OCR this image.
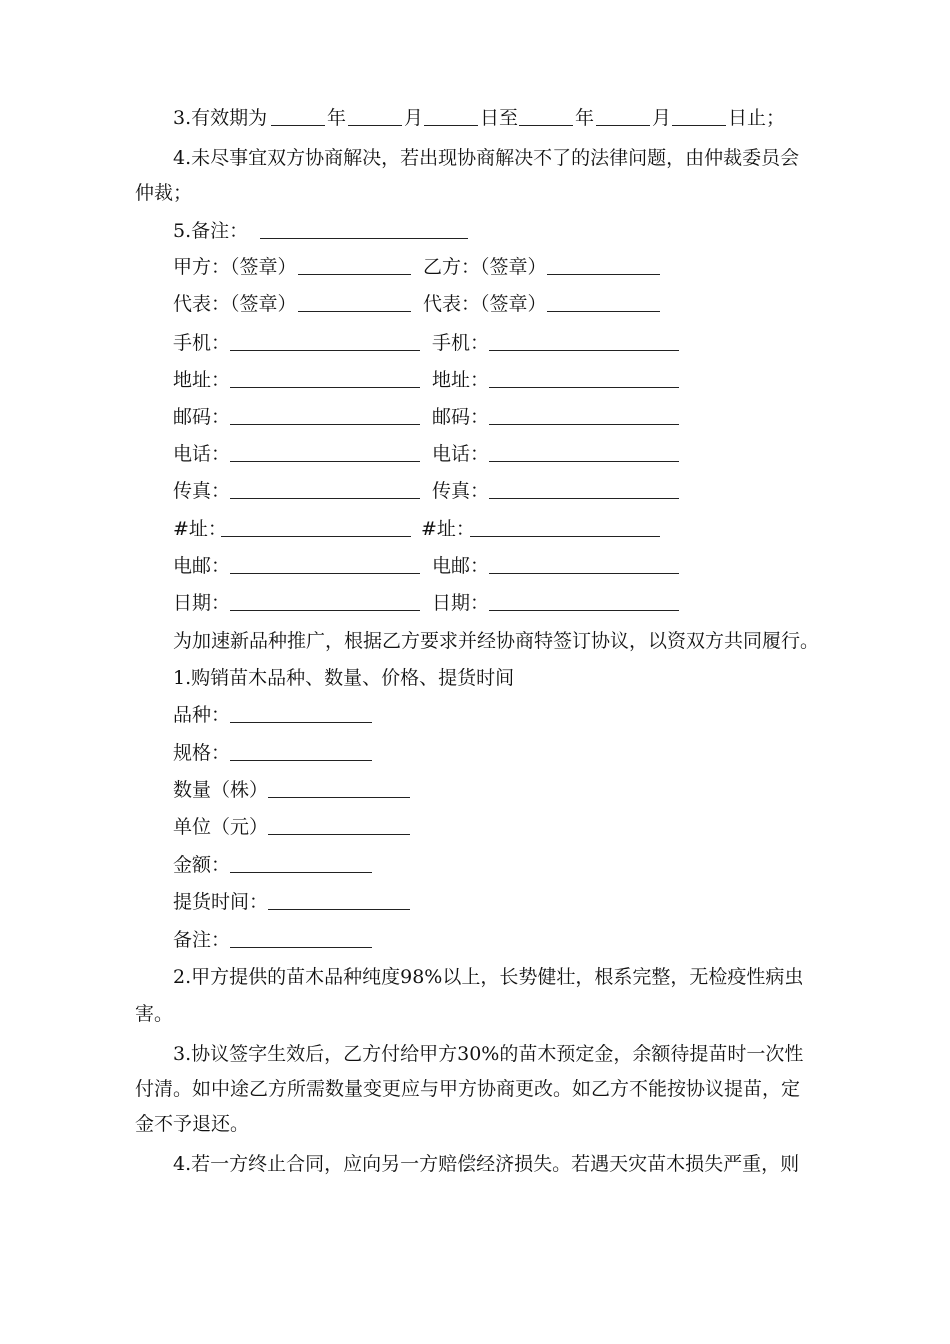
3.有效期为	年	月	日至	年	月	日止；
4.未尽事宜双方协商解决，若出现协商解决不了的法律问题，由仲裁委员会
仲裁；
5.备注：
甲方：（签章）	乙方：（签章）
代表：（签章）	代表：（签章）
手机：	手机：
地址：	地址：
邮码：	邮码：
电话：	电话：
传真：	传真：
#址：	#址：
电邮：	电邮：
日期：	日期：
为加速新品种推广，根据乙方要求并经协商特签订协议，以资双方共同履行。
1.购销苗木品种、数量、价格、提货时间
品种：
规格：
数量（株）
单位（元）
金额：
提货时间：
备注：
2.甲方提供的苗木品种纯度98%以上，长势健壮，根系完整，无检疫性病虫
害。
3.协议签字生效后，乙方付给甲方30%的苗木预定金，余额待提苗时一次性
付清。如中途乙方所需数量变更应与甲方协商更改。如乙方不能按协议提苗，定
金不予退还。
4.若一方终止合同，应向另一方赔偿经济损失。若遇天灾苗木损失严重，则
